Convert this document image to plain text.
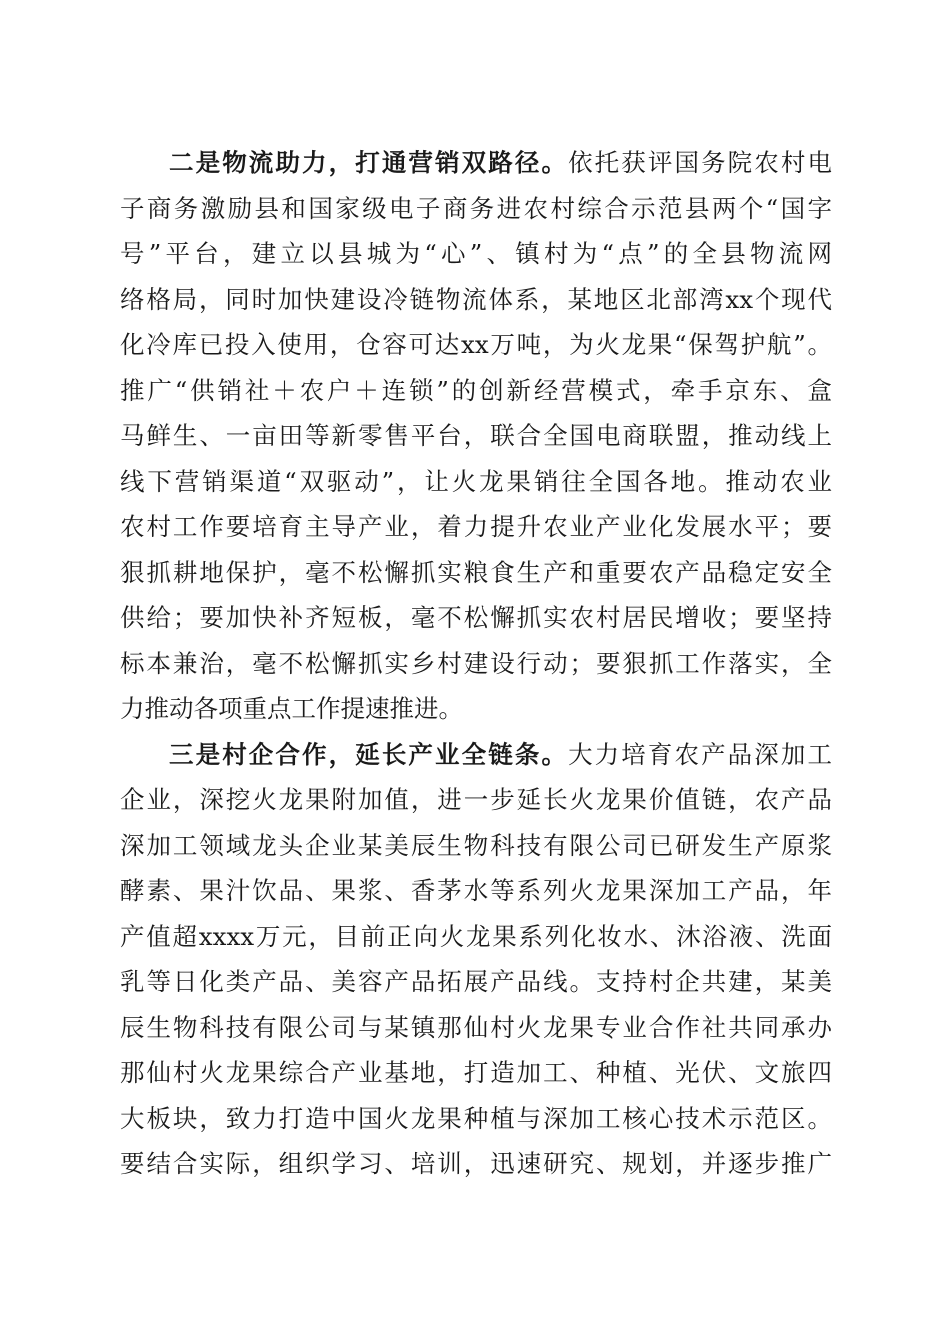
二是物流助力，打通营销双路径。依托获评国务院农村电
子商务激励县和国家级电子商务进农村综合示范县两个“国字
号”平台，建立以县城为“心”、镇村为“点”的全县物流网
络格局，同时加快建设冷链物流体系，某地区北部湾xx个现代
化冷库已投入使用，仓容可达xx万吨，为火龙果“保驾护航”。
推广“供销社＋农户＋连锁”的创新经营模式，牵手京东、盒
马鲜生、一亩田等新零售平台，联合全国电商联盟，推动线上
线下营销渠道“双驱动”，让火龙果销往全国各地。推动农业
农村工作要培育主导产业，着力提升农业产业化发展水平；要
狠抓耕地保护，毫不松懈抓实粮食生产和重要农产品稳定安全
供给；要加快补齐短板，毫不松懈抓实农村居民增收；要坚持
标本兼治，毫不松懈抓实乡村建设行动；要狠抓工作落实，全
力推动各项重点工作提速推进。
三是村企合作，延长产业全链条。大力培育农产品深加工
企业，深挖火龙果附加值，进一步延长火龙果价值链，农产品
深加工领域龙头企业某美辰生物科技有限公司已研发生产原浆
酵素、果汁饮品、果浆、香茅水等系列火龙果深加工产品，年
产值超xxxx万元，目前正向火龙果系列化妆水、沐浴液、洗面
乳等日化类产品、美容产品拓展产品线。支持村企共建，某美
辰生物科技有限公司与某镇那仙村火龙果专业合作社共同承办
那仙村火龙果综合产业基地，打造加工、种植、光伏、文旅四
大板块，致力打造中国火龙果种植与深加工核心技术示范区。
要结合实际，组织学习、培训，迅速研究、规划，并逐步推广
